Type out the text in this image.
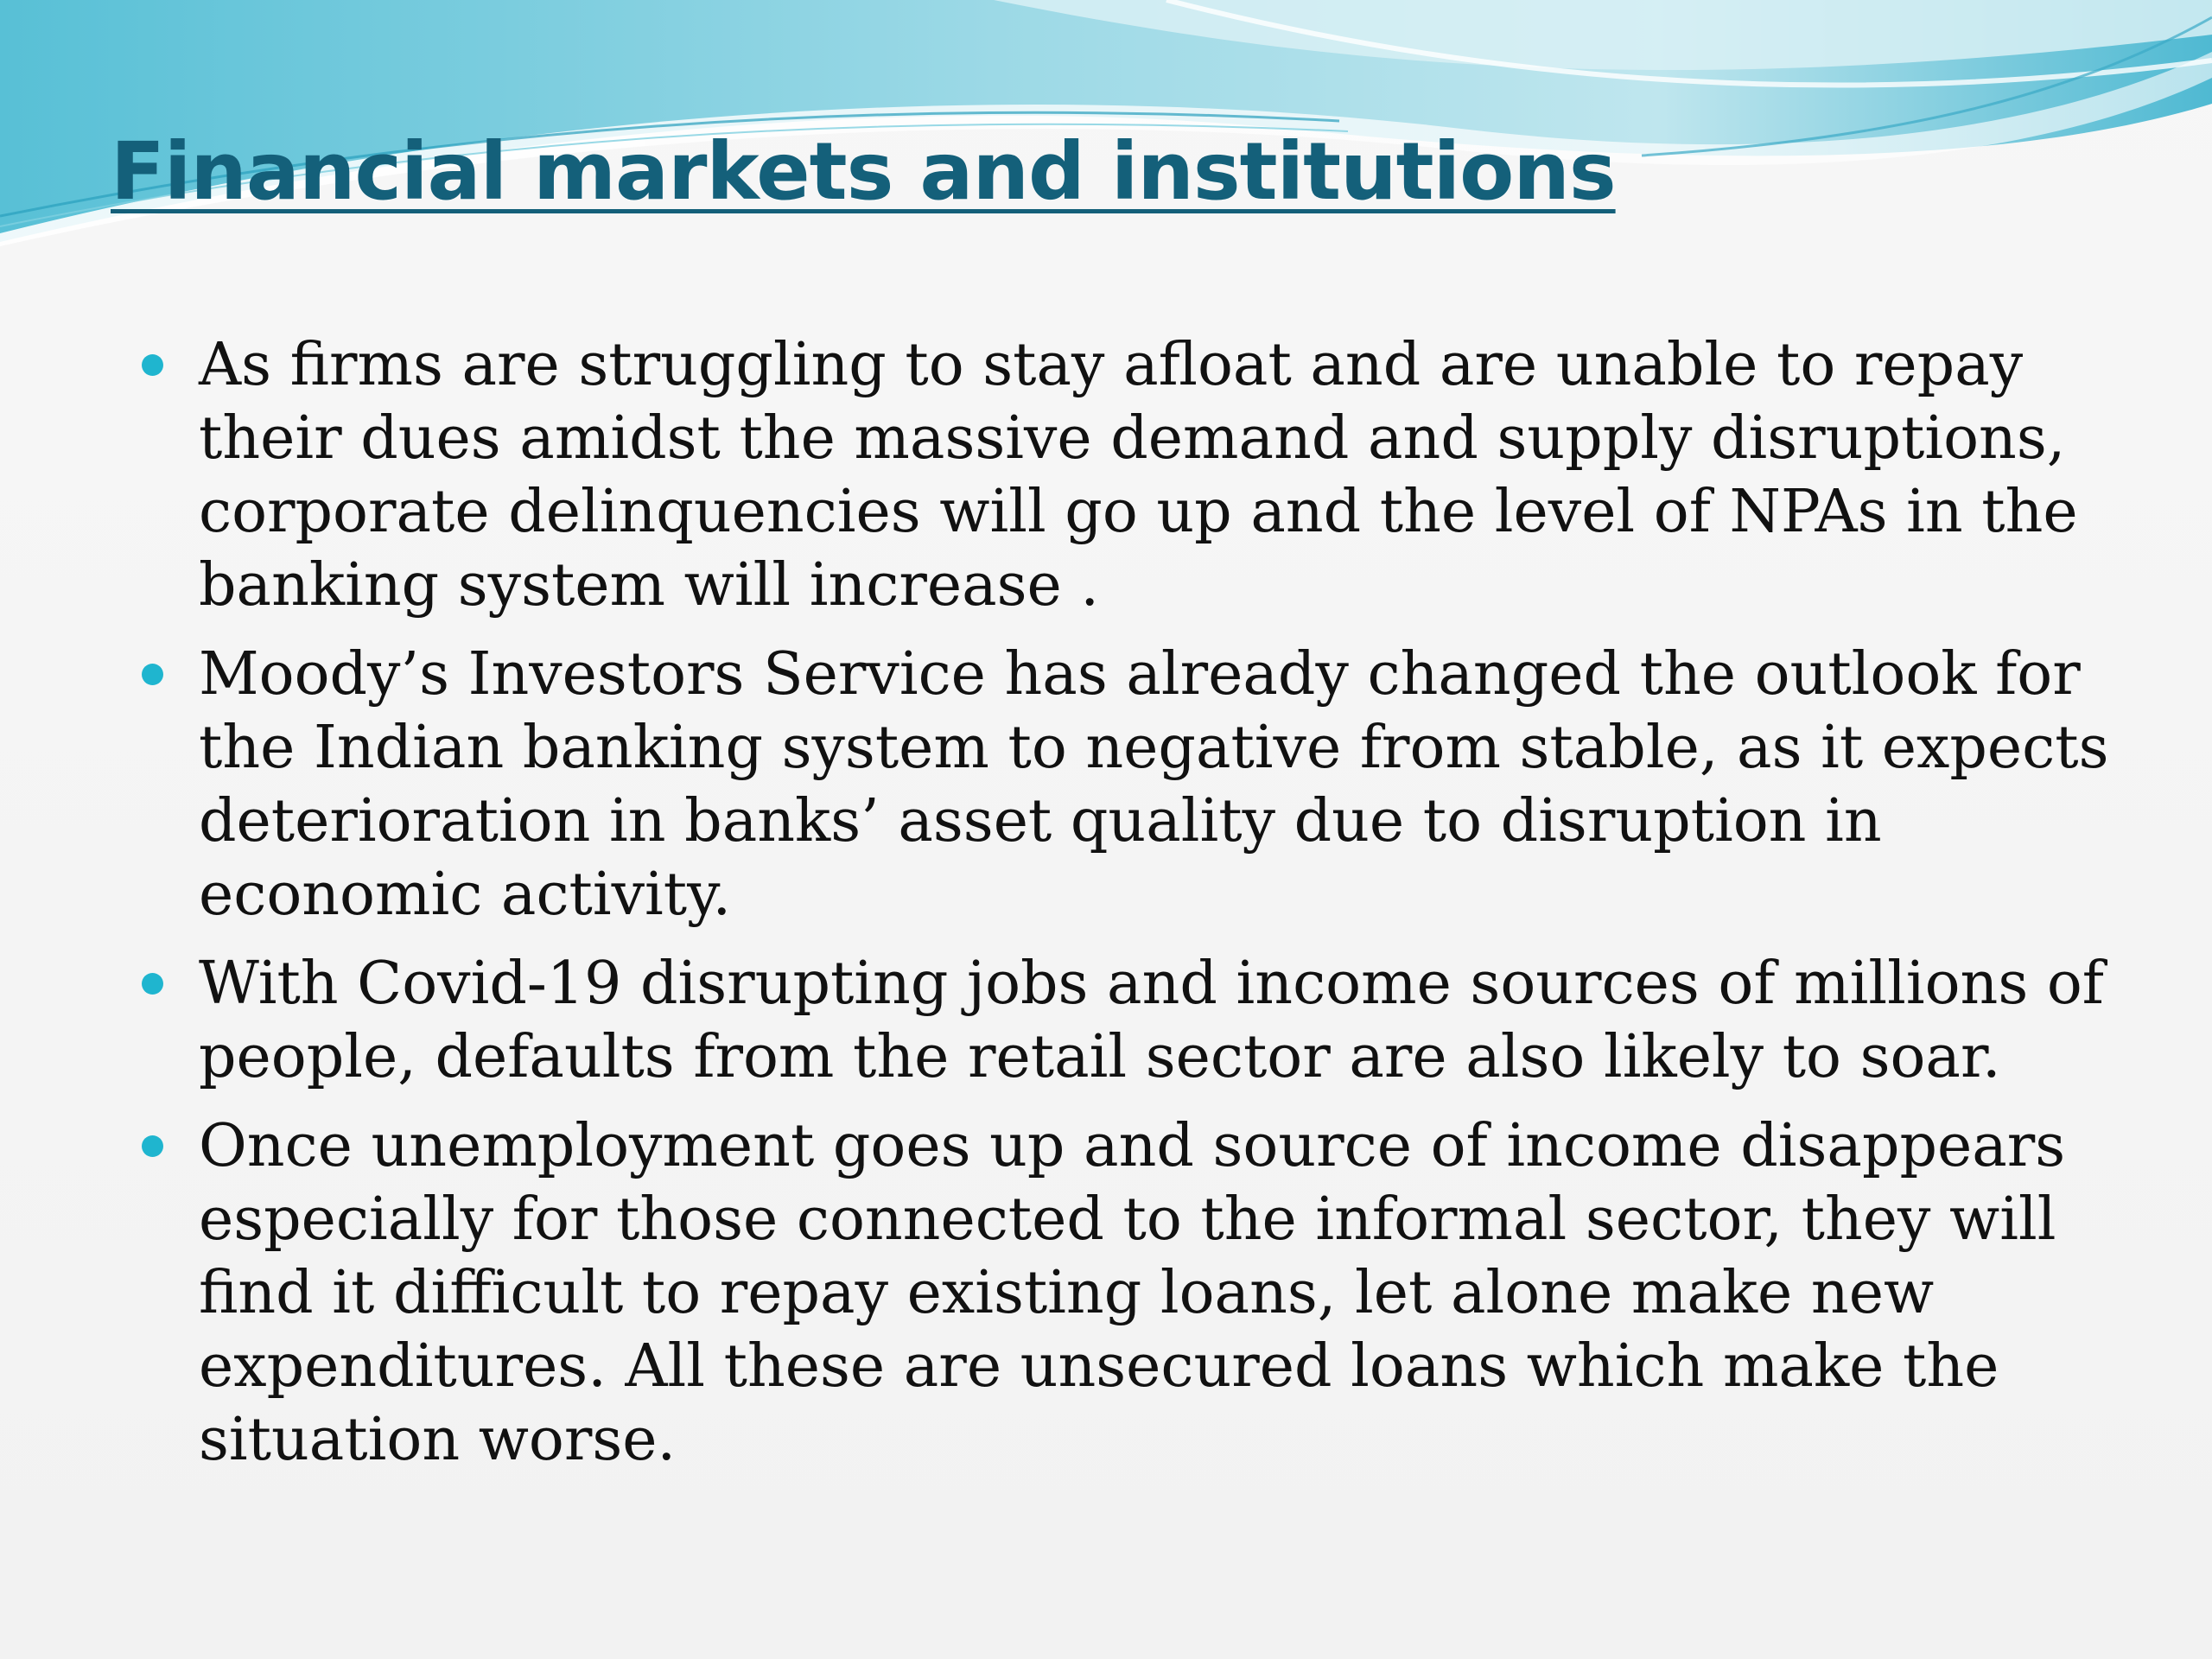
Financial markets and institutions
As firms are struggling to stay afloat and are unable to repay their dues amidst the massive demand and supply disruptions, corporate delinquencies will go up and the level of NPAs in the banking system will increase .
Moody’s Investors Service has already changed the outlook for the Indian banking system to negative from stable, as it expects deterioration in banks’ asset quality due to disruption in economic activity.
With Covid-19 disrupting jobs and income sources of millions of people, defaults from the retail sector are also likely to soar.
Once unemployment goes up and source of income disappears especially for those connected to the informal sector, they will find it difficult to repay existing loans, let alone make new expenditures. All these are unsecured loans which make the situation worse.
